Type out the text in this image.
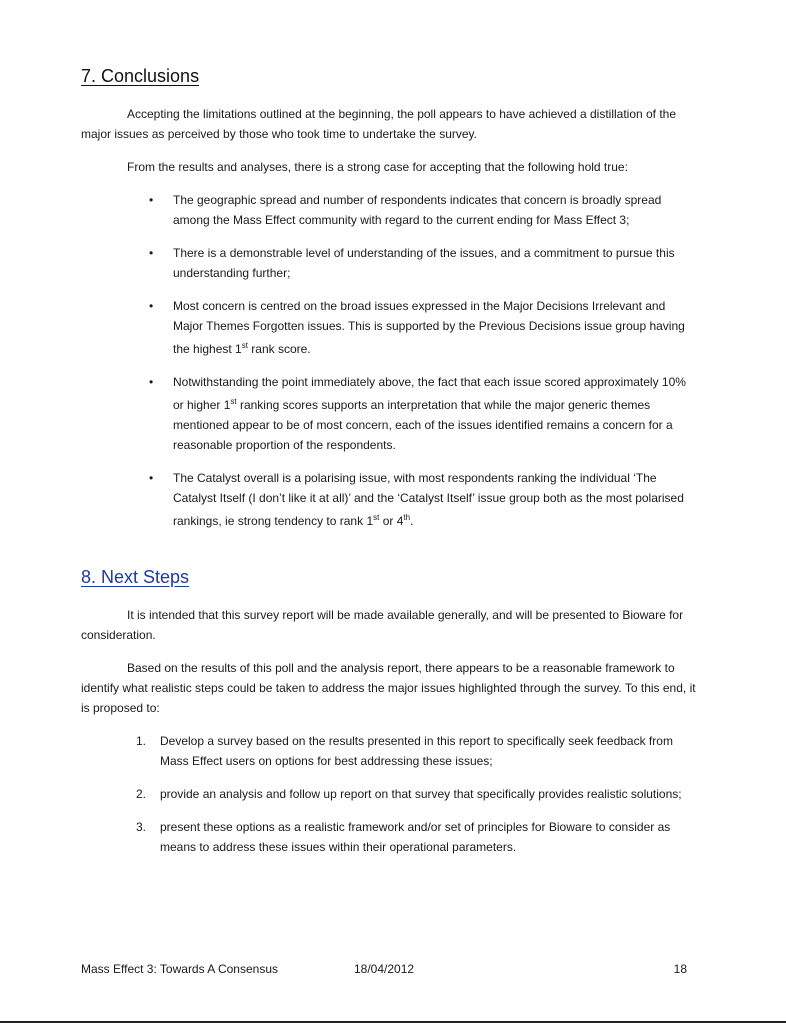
7. Conclusions

Accepting the limitations outlined at the beginning, the poll appears to have achieved a distillation of the major issues as perceived by those who took time to undertake the survey.

From the results and analyses, there is a strong case for accepting that the following hold true:

• The geographic spread and number of respondents indicates that concern is broadly spread among the Mass Effect community with regard to the current ending for Mass Effect 3;
• There is a demonstrable level of understanding of the issues, and a commitment to pursue this understanding further;
• Most concern is centred on the broad issues expressed in the Major Decisions Irrelevant and Major Themes Forgotten issues. This is supported by the Previous Decisions issue group having the highest 1st rank score.
• Notwithstanding the point immediately above, the fact that each issue scored approximately 10% or higher 1st ranking scores supports an interpretation that while the major generic themes mentioned appear to be of most concern, each of the issues identified remains a concern for a reasonable proportion of the respondents.
• The Catalyst overall is a polarising issue, with most respondents ranking the individual ‘The Catalyst Itself (I don’t like it at all)’ and the ‘Catalyst Itself’ issue group both as the most polarised rankings, ie strong tendency to rank 1st or 4th.
8. Next Steps

It is intended that this survey report will be made available generally, and will be presented to Bioware for consideration.

Based on the results of this poll and the analysis report, there appears to be a reasonable framework to identify what realistic steps could be taken to address the major issues highlighted through the survey. To this end, it is proposed to:

1. Develop a survey based on the results presented in this report to specifically seek feedback from Mass Effect users on options for best addressing these issues;
2. provide an analysis and follow up report on that survey that specifically provides realistic solutions;
3. present these options as a realistic framework and/or set of principles for Bioware to consider as means to address these issues within their operational parameters.
Mass Effect 3: Towards A Consensus	18/04/2012	18
